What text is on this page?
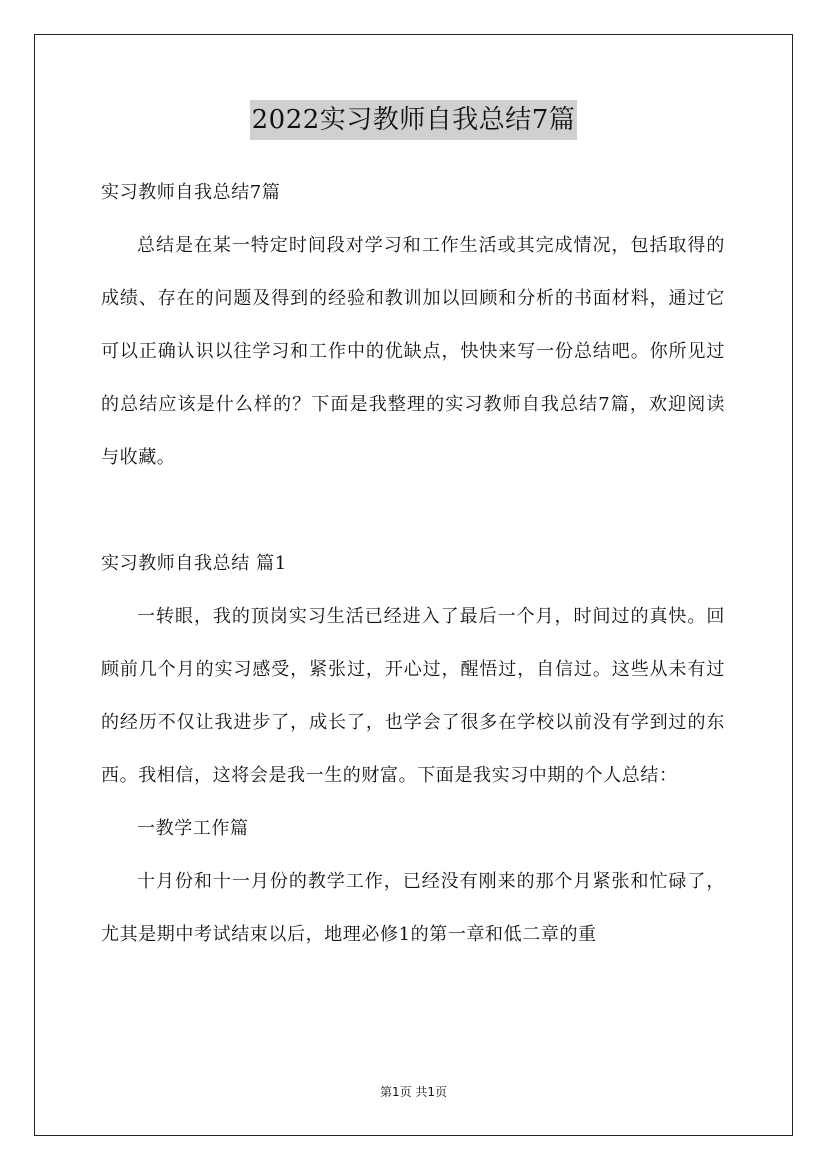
2022实习教师自我总结7篇

实习教师自我总结7篇

总结是在某一特定时间段对学习和工作生活或其完成情况，包括取得的成绩、存在的问题及得到的经验和教训加以回顾和分析的书面材料，通过它可以正确认识以往学习和工作中的优缺点，快快来写一份总结吧。你所见过的总结应该是什么样的？下面是我整理的实习教师自我总结7篇，欢迎阅读与收藏。

实习教师自我总结 篇1

一转眼，我的顶岗实习生活已经进入了最后一个月，时间过的真快。回顾前几个月的实习感受，紧张过，开心过，醒悟过，自信过。这些从未有过的经历不仅让我进步了，成长了，也学会了很多在学校以前没有学到过的东西。我相信，这将会是我一生的财富。下面是我实习中期的个人总结：

一教学工作篇

十月份和十一月份的教学工作，已经没有刚来的那个月紧张和忙碌了，尤其是期中考试结束以后，地理必修1的第一章和低二章的重

第1页 共1页
